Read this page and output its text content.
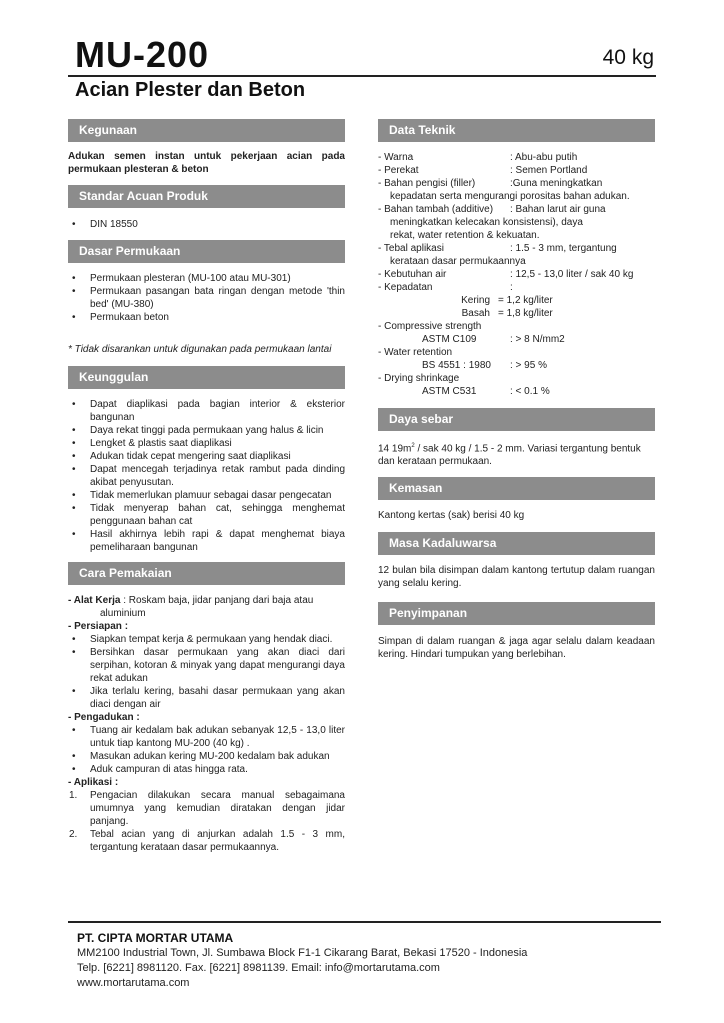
MU-200	40 kg
Acian Plester dan Beton
Kegunaan
Adukan semen instan untuk pekerjaan acian pada permukaan plesteran & beton
Standar Acuan Produk
• DIN 18550
Dasar Permukaan
• Permukaan plesteran (MU-100 atau MU-301)
• Permukaan pasangan bata ringan dengan metode 'thin bed' (MU-380)
• Permukaan beton
* Tidak disarankan untuk digunakan pada permukaan lantai
Keunggulan
• Dapat diaplikasi pada bagian interior & eksterior bangunan
• Daya rekat tinggi pada permukaan yang halus & licin
• Lengket & plastis saat diaplikasi
• Adukan tidak cepat mengering saat diaplikasi
• Dapat mencegah terjadinya retak rambut pada dinding akibat penyusutan.
• Tidak memerlukan plamuur sebagai dasar pengecatan
• Tidak menyerap bahan cat, sehingga menghemat penggunaan bahan cat
• Hasil akhirnya lebih rapi & dapat menghemat biaya pemeliharaan bangunan
Cara Pemakaian
- Alat Kerja : Roskam baja, jidar panjang dari baja atau
aluminium
- Persiapan :
• Siapkan tempat kerja & permukaan yang hendak diaci.
• Bersihkan dasar permukaan yang akan diaci dari serpihan, kotoran & minyak yang dapat mengurangi daya rekat adukan
• Jika terlalu kering, basahi dasar permukaan yang akan diaci dengan air
- Pengadukan :
• Tuang air kedalam bak adukan sebanyak 12,5 - 13,0 liter untuk tiap kantong MU-200 (40 kg) .
• Masukan adukan kering MU-200 kedalam bak adukan
• Aduk campuran di atas hingga rata.
- Aplikasi :
1. Pengacian dilakukan secara manual sebagaimana umumnya yang kemudian diratakan dengan jidar panjang.
2. Tebal acian yang di anjurkan adalah 1.5 - 3 mm, tergantung kerataan dasar permukaannya.
Data Teknik
- Warna	: Abu-abu putih
- Perekat	: Semen Portland
- Bahan pengisi (filler)	:Guna meningkatkan
kepadatan serta mengurangi porositas bahan adukan.
- Bahan tambah (additive)	: Bahan larut air guna
meningkatkan kelecakan konsistensi), daya
rekat, water retention & kekuatan.
- Tebal aplikasi	: 1.5 - 3 mm, tergantung
kerataan dasar permukaannya
- Kebutuhan air	: 12,5 - 13,0 liter / sak 40 kg
- Kepadatan	:
Kering = 1,2 kg/liter
Basah = 1,8 kg/liter
- Compressive strength
ASTM C109	: > 8 N/mm2
- Water retention
BS 4551 : 1980	: > 95 %
- Drying shrinkage
ASTM C531	: < 0.1 %
Daya sebar
14 $19m^2$ / sak 40 kg / 1.5 - 2 mm. Variasi tergantung bentuk dan kerataan permukaan.
Kemasan
Kantong kertas (sak) berisi 40 kg
Masa Kadaluwarsa
12 bulan bila disimpan dalam kantong tertutup dalam ruangan yang selalu kering.
Penyimpanan
Simpan di dalam ruangan & jaga agar selalu dalam keadaan kering. Hindari tumpukan yang berlebihan.
PT. CIPTA MORTAR UTAMA
MM2100 Industrial Town, Jl. Sumbawa Block F1-1 Cikarang Barat, Bekasi 17520 - Indonesia
Telp. [6221] 8981120. Fax. [6221] 8981139. Email: info@mortarutama.com
www.mortarutama.com
